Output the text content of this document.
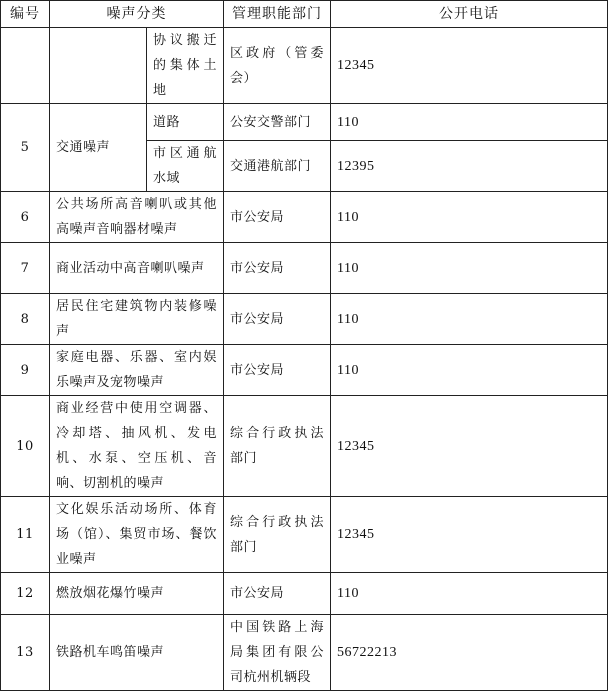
编号	噪声分类		管理职能部门	公开电话
		协议搬迁的集体土地	区政府（管委会）	12345
5	交通噪声	道路	公安交警部门	110
		市区通航水域	交通港航部门	12395
6	公共场所高音喇叭或其他高噪声音响器材噪声		市公安局	110
7	商业活动中高音喇叭噪声		市公安局	110
8	居民住宅建筑物内装修噪声		市公安局	110
9	家庭电器、乐器、室内娱乐噪声及宠物噪声		市公安局	110
10	商业经营中使用空调器、冷却塔、抽风机、发电机、水泵、空压机、音响、切割机的噪声		综合行政执法部门	12345
11	文化娱乐活动场所、体育场（馆）、集贸市场、餐饮业噪声		综合行政执法部门	12345
12	燃放烟花爆竹噪声		市公安局	110
13	铁路机车鸣笛噪声		中国铁路上海局集团有限公司杭州机辆段	56722213
